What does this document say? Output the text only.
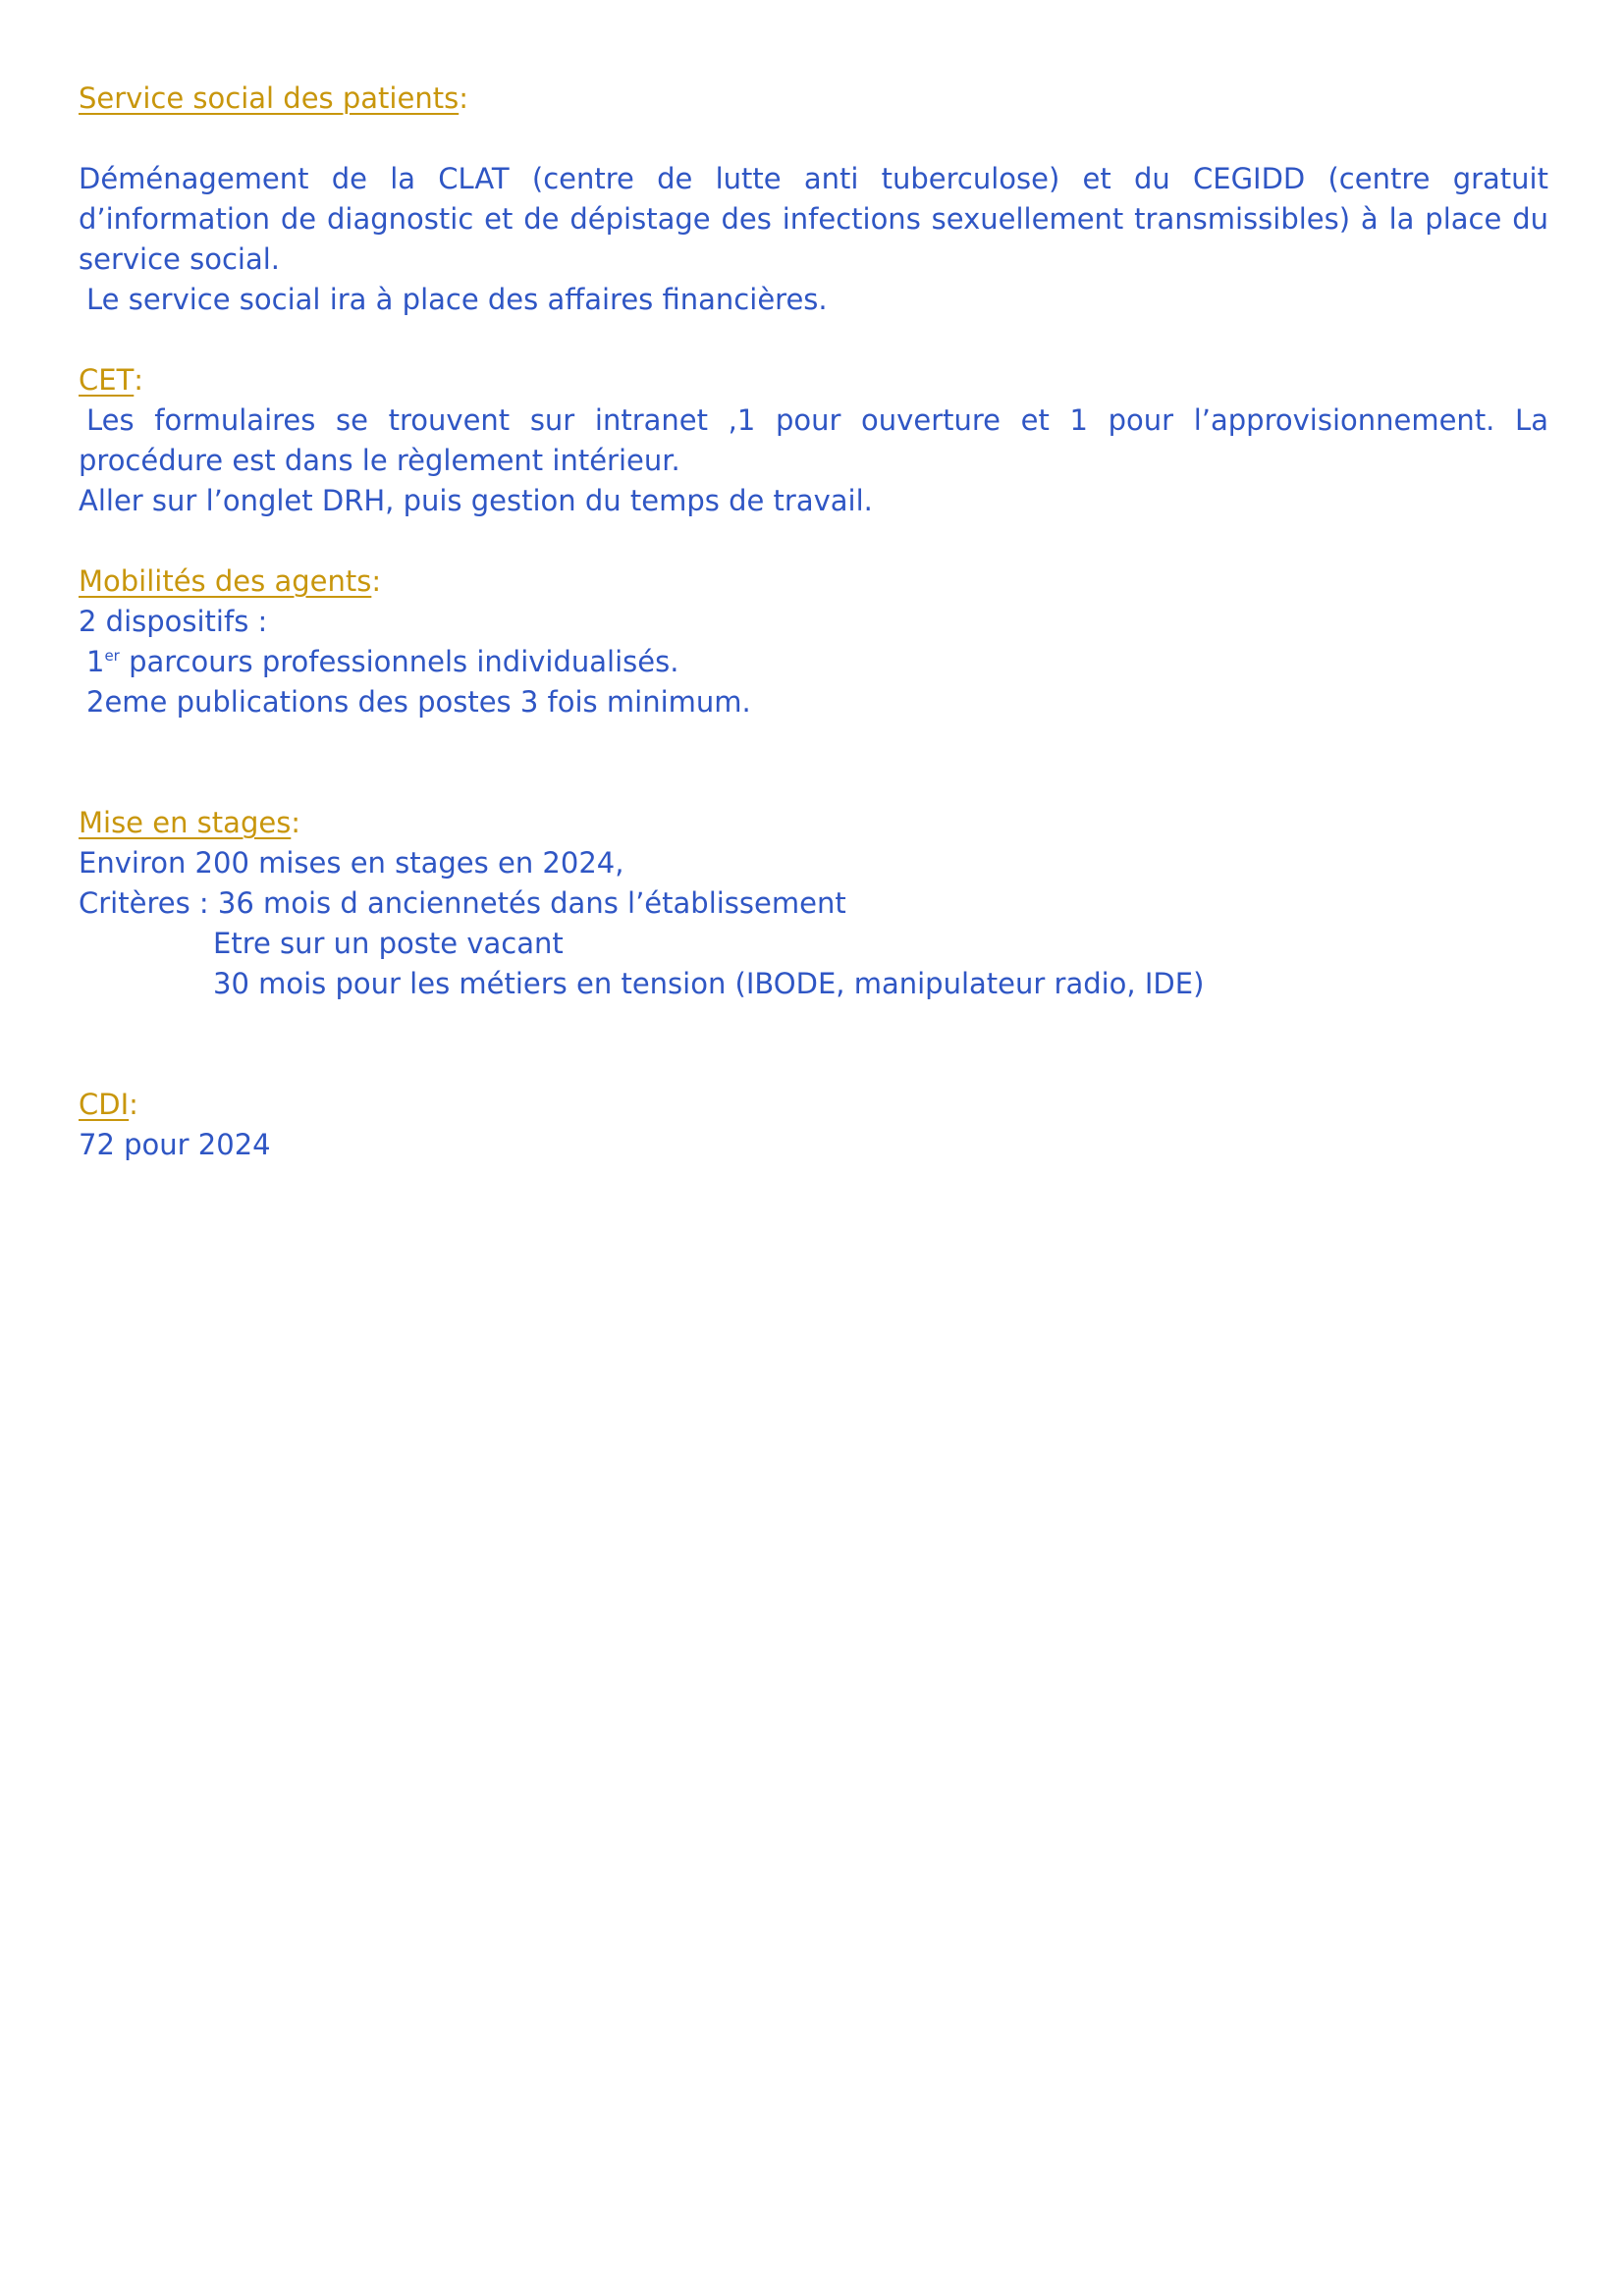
Service social des patients:

Déménagement de la CLAT (centre de lutte anti tuberculose) et du CEGIDD (centre gratuit d’information de diagnostic et de dépistage des infections sexuellement transmissibles) à la place du service social.

Le service social ira à place des affaires financières.
CET:

Les formulaires se trouvent sur intranet ,1 pour ouverture et 1 pour l’approvisionnement. La procédure est dans le règlement intérieur.

Aller sur l’onglet DRH, puis gestion du temps de travail.
Mobilités des agents:
2 dispositifs :
1er parcours professionnels individualisés.
2eme publications des postes 3 fois minimum.
Mise en stages:
Environ 200 mises en stages en 2024,
Critères : 36 mois d anciennetés dans l’établissement
Etre sur un poste vacant
30 mois pour les métiers en tension (IBODE, manipulateur radio, IDE)
CDI:
72 pour 2024
